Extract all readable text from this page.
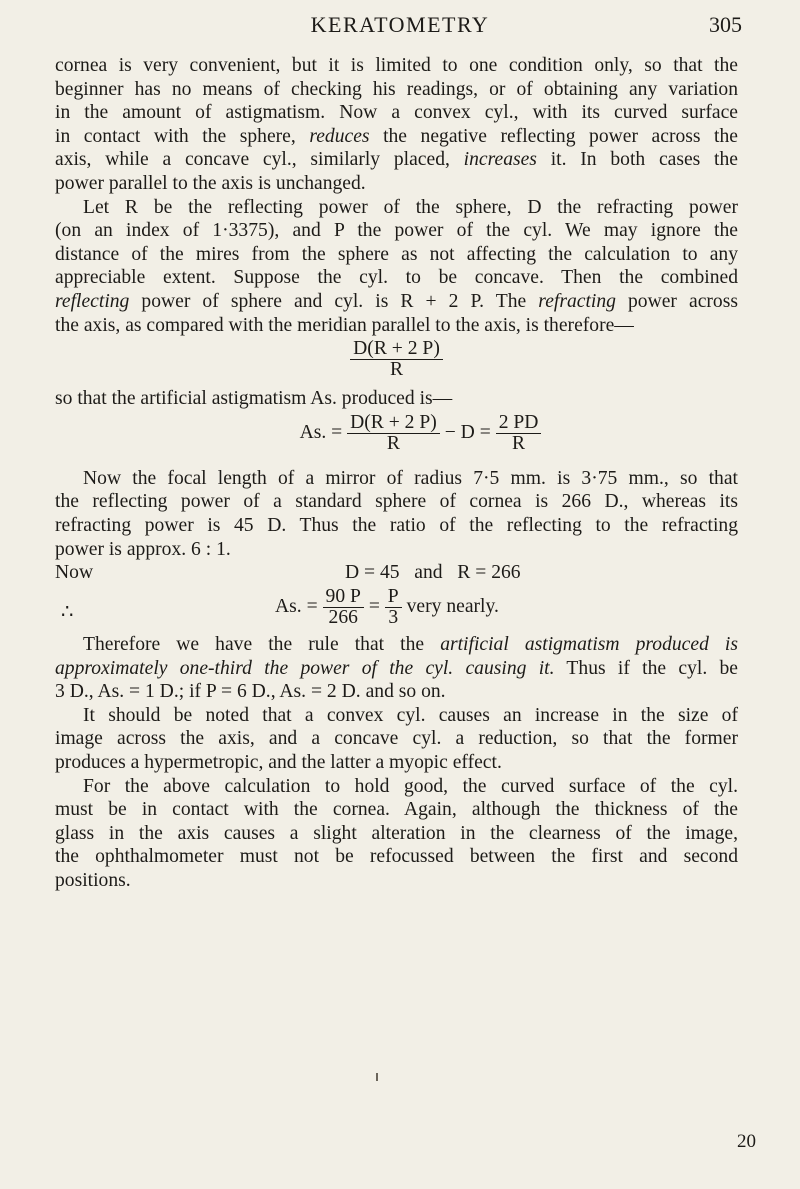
KERATOMETRY	305

cornea is very convenient, but it is limited to one condition only, so that the
beginner has no means of checking his readings, or of obtaining any variation
in the amount of astigmatism. Now a convex cyl., with its curved surface
in contact with the sphere, reduces the negative reflecting power across the
axis, while a concave cyl., similarly placed, increases it. In both cases the
power parallel to the axis is unchanged.

Let R be the reflecting power of the sphere, D the refracting power
(on an index of 1·3375), and P the power of the cyl. We may ignore the
distance of the mires from the sphere as not affecting the calculation to any
appreciable extent. Suppose the cyl. to be concave. Then the combined
reflecting power of sphere and cyl. is R + 2 P. The refracting power across
the axis, as compared with the meridian parallel to the axis, is therefore—

$\frac{D(R + 2 P)}{R}$

so that the artificial astigmatism As. produced is—

As. = $\frac{D(R + 2 P)}{R} - D = \frac{2 PD}{R}$

Now the focal length of a mirror of radius 7·5 mm. is 3·75 mm., so that
the reflecting power of a standard sphere of cornea is 266 D., whereas its
refracting power is 45 D. Thus the ratio of the reflecting to the refracting
power is approx. 6 : 1.

Now	D = 45   and   R = 266
∴	As. = $\frac{90 P}{266} = \frac{P}{3}$ very nearly.

Therefore we have the rule that the artificial astigmatism produced is
approximately one-third the power of the cyl. causing it. Thus if the cyl. be
3 D., As. = 1 D.; if P = 6 D., As. = 2 D. and so on.

It should be noted that a convex cyl. causes an increase in the size of
image across the axis, and a concave cyl. a reduction, so that the former
produces a hypermetropic, and the latter a myopic effect.

For the above calculation to hold good, the curved surface of the cyl.
must be in contact with the cornea. Again, although the thickness of the
glass in the axis causes a slight alteration in the clearness of the image,
the ophthalmometer must not be refocussed between the first and second
positions.

20
